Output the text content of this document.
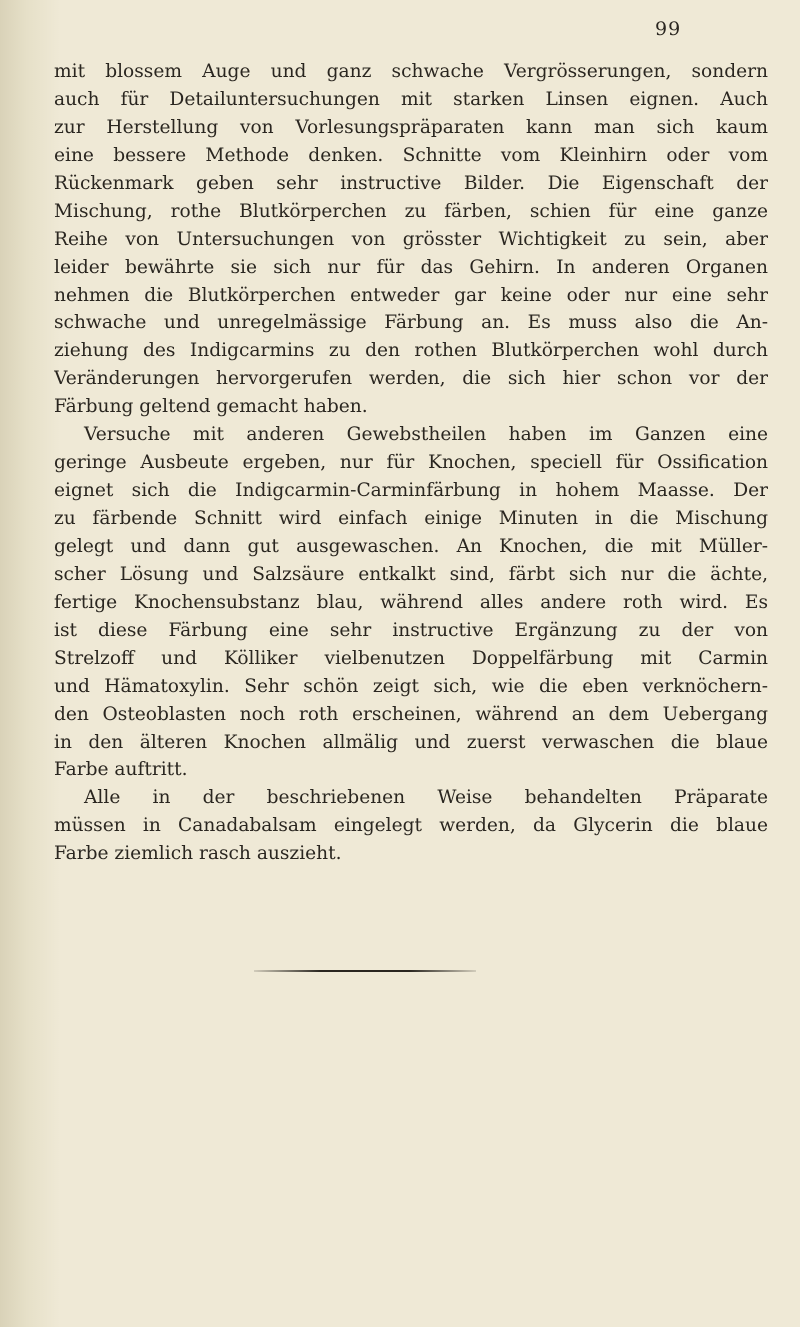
99
mit blossem Auge und ganz schwache Vergrösserungen, sondern
auch für Detailuntersuchungen mit starken Linsen eignen. Auch
zur Herstellung von Vorlesungspräparaten kann man sich kaum
eine bessere Methode denken. Schnitte vom Kleinhirn oder vom
Rückenmark geben sehr instructive Bilder. Die Eigenschaft der
Mischung, rothe Blutkörperchen zu färben, schien für eine ganze
Reihe von Untersuchungen von grösster Wichtigkeit zu sein, aber
leider bewährte sie sich nur für das Gehirn. In anderen Organen
nehmen die Blutkörperchen entweder gar keine oder nur eine sehr
schwache und unregelmässige Färbung an. Es muss also die An-
ziehung des Indigcarmins zu den rothen Blutkörperchen wohl durch
Veränderungen hervorgerufen werden, die sich hier schon vor der
Färbung geltend gemacht haben.
Versuche mit anderen Gewebstheilen haben im Ganzen eine
geringe Ausbeute ergeben, nur für Knochen, speciell für Ossification
eignet sich die Indigcarmin-Carminfärbung in hohem Maasse. Der
zu färbende Schnitt wird einfach einige Minuten in die Mischung
gelegt und dann gut ausgewaschen. An Knochen, die mit Müller-
scher Lösung und Salzsäure entkalkt sind, färbt sich nur die ächte,
fertige Knochensubstanz blau, während alles andere roth wird. Es
ist diese Färbung eine sehr instructive Ergänzung zu der von
Strelzoff und Kölliker vielbenutzen Doppelfärbung mit Carmin
und Hämatoxylin. Sehr schön zeigt sich, wie die eben verknöchern-
den Osteoblasten noch roth erscheinen, während an dem Uebergang
in den älteren Knochen allmälig und zuerst verwaschen die blaue
Farbe auftritt.
Alle in der beschriebenen Weise behandelten Präparate
müssen in Canadabalsam eingelegt werden, da Glycerin die blaue
Farbe ziemlich rasch auszieht.
